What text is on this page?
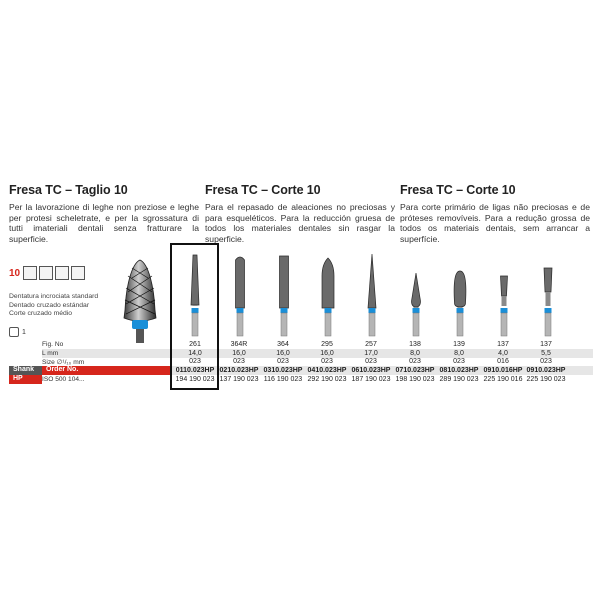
Fresa TC – Taglio 10

Per la lavorazione di leghe non preziose e leghe per protesi scheletrate, e per la sgrossatura di tutti imateriali dentali senza fratturare la superficie.

Fresa TC – Corte 10

Para el repasado de aleaciones no preciosas y para esqueléticos. Para la reducción gruesa de todos los materiales dentales sin rasgar la superficie.

Fresa TC – Corte 10

Para corte primário de ligas não preciosas e de próteses removíveis. Para a redução grossa de todos os materiais dentais, sem arrancar a superfície.

10
Dentatura incrociata standard
Dentado cruzado estándar
Corte cruzado médio
1
Fig. No
L mm
Size ∅¹/₁₀ mm
Shank	Order No.
HP	ISO 500 104...
261
14,0
023
0110.023HP
194 190 023
364R
16,0
023
0210.023HP
137 190 023
364
16,0
023
0310.023HP
116 190 023
295
16,0
023
0410.023HP
292 190 023
257
17,0
023
0610.023HP
187 190 023
138
8,0
023
0710.023HP
198 190 023
139
8,0
023
0810.023HP
289 190 023
137
4,0
016
0910.016HP
225 190 016
137
5,5
023
0910.023HP
225 190 023
